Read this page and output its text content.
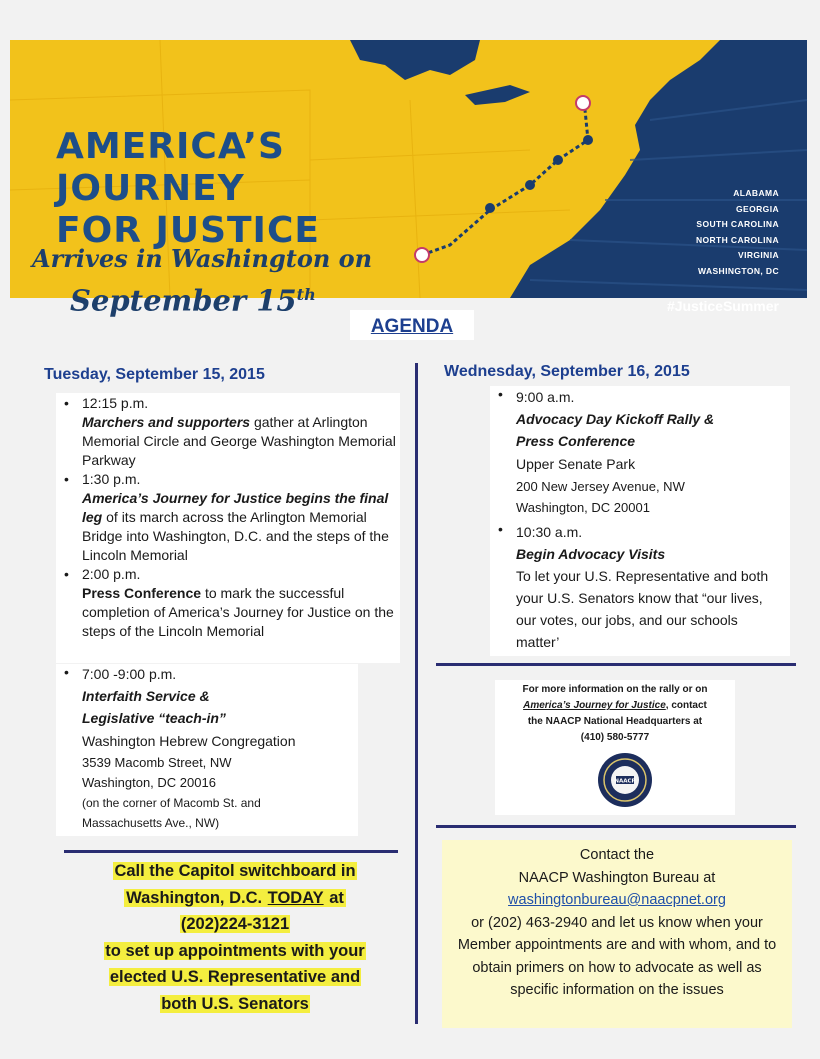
AMERICA’S
JOURNEY
FOR JUSTICE
Arrives in Washington on
September 15th
ALABAMA
GEORGIA
SOUTH CAROLINA
NORTH CAROLINA
VIRGINIA
WASHINGTON, DC
#JusticeSummer
AGENDA
Tuesday, September 15, 2015
• 12:15 p.m.
Marchers and supporters gather at Arlington Memorial Circle and George Washington Memorial Parkway
• 1:30 p.m.
America’s Journey for Justice begins the final leg of its march across the Arlington Memorial Bridge into Washington, D.C. and the steps of the Lincoln Memorial
• 2:00 p.m.
Press Conference to mark the successful completion of America’s Journey for Justice on the steps of the Lincoln Memorial
• 7:00 -9:00 p.m.
Interfaith Service &
Legislative “teach-in”
Washington Hebrew Congregation
3539 Macomb Street, NW
Washington, DC 20016
(on the corner of Macomb St. and
Massachusetts Ave., NW)
Wednesday, September 16, 2015
• 9:00 a.m.
Advocacy Day Kickoff Rally &
Press Conference
Upper Senate Park
200 New Jersey Avenue, NW
Washington, DC 20001
• 10:30 a.m.
Begin Advocacy Visits
To let your U.S. Representative and both your U.S. Senators know that “our lives, our votes, our jobs, and our schools matter’
For more information on the rally or on
America’s Journey for Justice, contact
the NAACP National Headquarters at
(410) 580-5777
NAACP
Call the Capitol switchboard in
Washington, D.C. TODAY at
(202)224-3121
to set up appointments with your
elected U.S. Representative and
both U.S. Senators
Contact the
NAACP Washington Bureau at
washingtonbureau@naacpnet.org
or (202) 463-2940 and let us know when your Member appointments are and with whom, and to obtain primers on how to advocate as well as specific information on the issues
